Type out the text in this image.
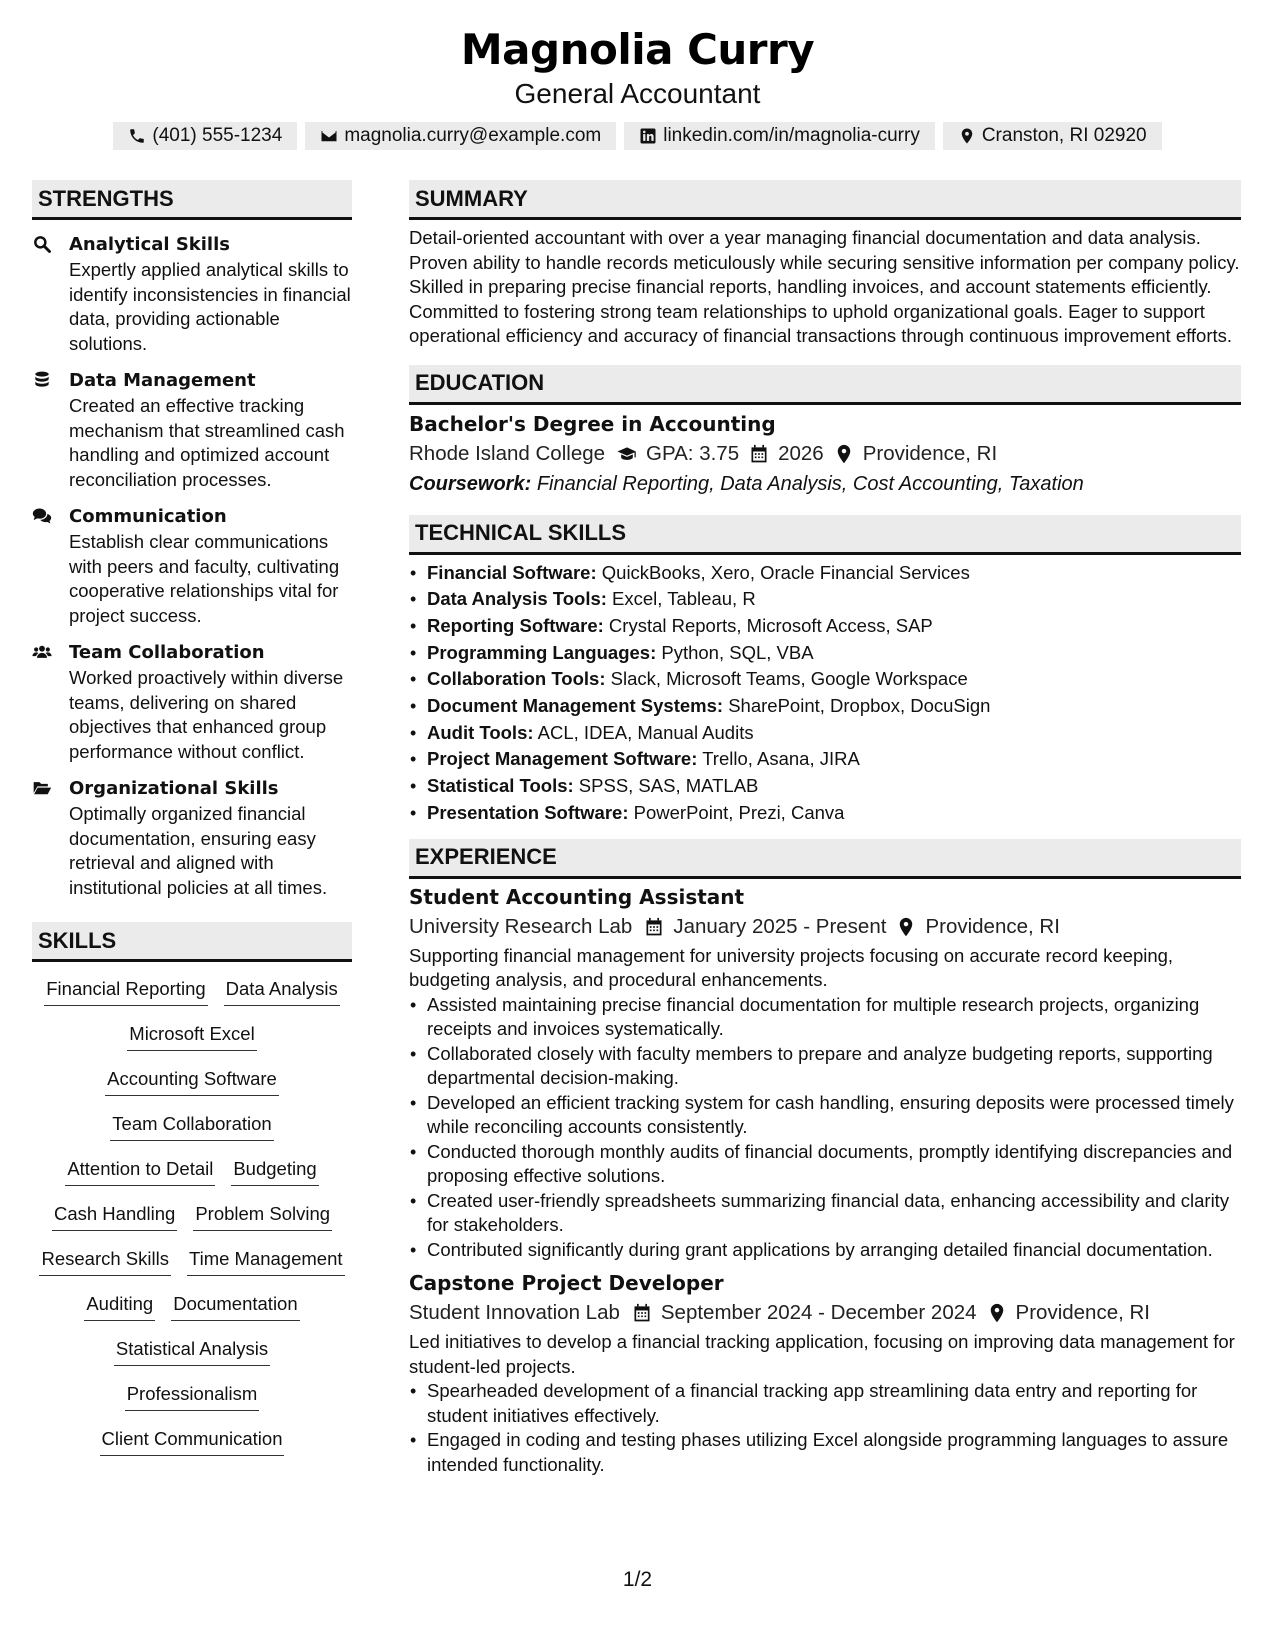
Magnolia Curry
General Accountant
(401) 555-1234	magnolia.curry@example.com	linkedin.com/in/magnolia-curry	Cranston, RI 02920
STRENGTHS
Analytical Skills
Expertly applied analytical skills to identify inconsistencies in financial data, providing actionable solutions.
Data Management
Created an effective tracking mechanism that streamlined cash handling and optimized account reconciliation processes.
Communication
Establish clear communications with peers and faculty, cultivating cooperative relationships vital for project success.
Team Collaboration
Worked proactively within diverse teams, delivering on shared objectives that enhanced group performance without conflict.
Organizational Skills
Optimally organized financial documentation, ensuring easy retrieval and aligned with institutional policies at all times.
SKILLS
Financial Reporting Data Analysis
Microsoft Excel
Accounting Software
Team Collaboration
Attention to Detail Budgeting
Cash Handling Problem Solving
Research Skills Time Management
Auditing Documentation
Statistical Analysis
Professionalism
Client Communication
SUMMARY
Detail-oriented accountant with over a year managing financial documentation and data analysis. Proven ability to handle records meticulously while securing sensitive information per company policy. Skilled in preparing precise financial reports, handling invoices, and account statements efficiently. Committed to fostering strong team relationships to uphold organizational goals. Eager to support operational efficiency and accuracy of financial transactions through continuous improvement efforts.
EDUCATION
Bachelor's Degree in Accounting
Rhode Island College GPA: 3.75 2026 Providence, RI
Coursework: Financial Reporting, Data Analysis, Cost Accounting, Taxation
TECHNICAL SKILLS
• Financial Software: QuickBooks, Xero, Oracle Financial Services
• Data Analysis Tools: Excel, Tableau, R
• Reporting Software: Crystal Reports, Microsoft Access, SAP
• Programming Languages: Python, SQL, VBA
• Collaboration Tools: Slack, Microsoft Teams, Google Workspace
• Document Management Systems: SharePoint, Dropbox, DocuSign
• Audit Tools: ACL, IDEA, Manual Audits
• Project Management Software: Trello, Asana, JIRA
• Statistical Tools: SPSS, SAS, MATLAB
• Presentation Software: PowerPoint, Prezi, Canva
EXPERIENCE
Student Accounting Assistant
University Research Lab January 2025 - Present Providence, RI
Supporting financial management for university projects focusing on accurate record keeping, budgeting analysis, and procedural enhancements.
• Assisted maintaining precise financial documentation for multiple research projects, organizing receipts and invoices systematically.
• Collaborated closely with faculty members to prepare and analyze budgeting reports, supporting departmental decision-making.
• Developed an efficient tracking system for cash handling, ensuring deposits were processed timely while reconciling accounts consistently.
• Conducted thorough monthly audits of financial documents, promptly identifying discrepancies and proposing effective solutions.
• Created user-friendly spreadsheets summarizing financial data, enhancing accessibility and clarity for stakeholders.
• Contributed significantly during grant applications by arranging detailed financial documentation.
Capstone Project Developer
Student Innovation Lab September 2024 - December 2024 Providence, RI
Led initiatives to develop a financial tracking application, focusing on improving data management for student-led projects.
• Spearheaded development of a financial tracking app streamlining data entry and reporting for student initiatives effectively.
• Engaged in coding and testing phases utilizing Excel alongside programming languages to assure intended functionality.
1/2
